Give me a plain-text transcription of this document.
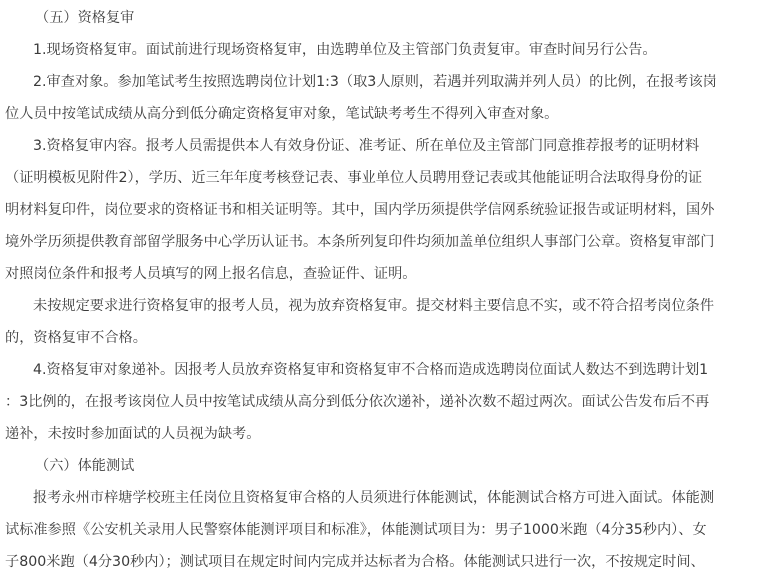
（五）资格复审
1.现场资格复审。面试前进行现场资格复审，由选聘单位及主管部门负责复审。审查时间另行公告。
2.审查对象。参加笔试考生按照选聘岗位计划1:3（取3人原则，若遇并列取满并列人员）的比例，在报考该岗
位人员中按笔试成绩从高分到低分确定资格复审对象，笔试缺考考生不得列入审查对象。
3.资格复审内容。报考人员需提供本人有效身份证、准考证、所在单位及主管部门同意推荐报考的证明材料
（证明模板见附件2），学历、近三年年度考核登记表、事业单位人员聘用登记表或其他能证明合法取得身份的证
明材料复印件，岗位要求的资格证书和相关证明等。其中，国内学历须提供学信网系统验证报告或证明材料，国外
境外学历须提供教育部留学服务中心学历认证书。本条所列复印件均须加盖单位组织人事部门公章。资格复审部门
对照岗位条件和报考人员填写的网上报名信息，查验证件、证明。
未按规定要求进行资格复审的报考人员，视为放弃资格复审。提交材料主要信息不实，或不符合招考岗位条件
的，资格复审不合格。
4.资格复审对象递补。因报考人员放弃资格复审和资格复审不合格而造成选聘岗位面试人数达不到选聘计划1
：3比例的，在报考该岗位人员中按笔试成绩从高分到低分依次递补，递补次数不超过两次。面试公告发布后不再
递补，未按时参加面试的人员视为缺考。
（六）体能测试
报考永州市梓塘学校班主任岗位且资格复审合格的人员须进行体能测试，体能测试合格方可进入面试。体能测
试标准参照《公安机关录用人民警察体能测评项目和标准》，体能测试项目为：男子1000米跑（4分35秒内）、女
子800米跑（4分30秒内）；测试项目在规定时间内完成并达标者为合格。体能测试只进行一次，不按规定时间、
